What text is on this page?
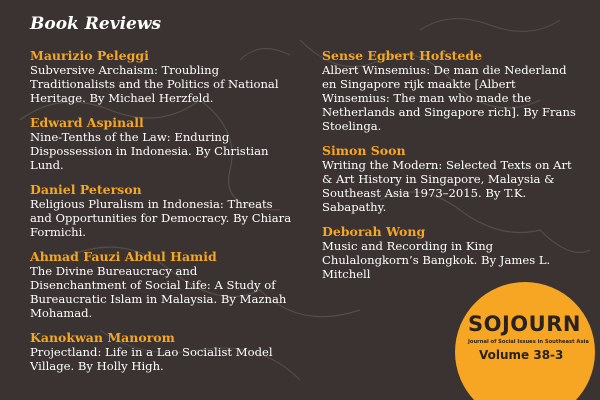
Book Reviews
Maurizio Peleggi
Subversive Archaism: Troubling Traditionalists and the Politics of National Heritage. By Michael Herzfeld.
Edward Aspinall
Nine-Tenths of the Law: Enduring Dispossession in Indonesia. By Christian Lund.
Daniel Peterson
Religious Pluralism in Indonesia: Threats and Opportunities for Democracy. By Chiara Formichi.
Ahmad Fauzi Abdul Hamid
The Divine Bureaucracy and Disenchantment of Social Life: A Study of Bureaucratic Islam in Malaysia. By Maznah Mohamad.
Kanokwan Manorom
Projectland: Life in a Lao Socialist Model Village. By Holly High.
Sense Egbert Hofstede
Albert Winsemius: De man die Nederland en Singapore rijk maakte [Albert Winsemius: The man who made the Netherlands and Singapore rich]. By Frans Stoelinga.
Simon Soon
Writing the Modern: Selected Texts on Art & Art History in Singapore, Malaysia & Southeast Asia 1973–2015. By T.K. Sabapathy.
Deborah Wong
Music and Recording in King Chulalongkorn’s Bangkok. By James L. Mitchell
SOJOURN
Journal of Social Issues in Southeast Asia
Volume 38-3
